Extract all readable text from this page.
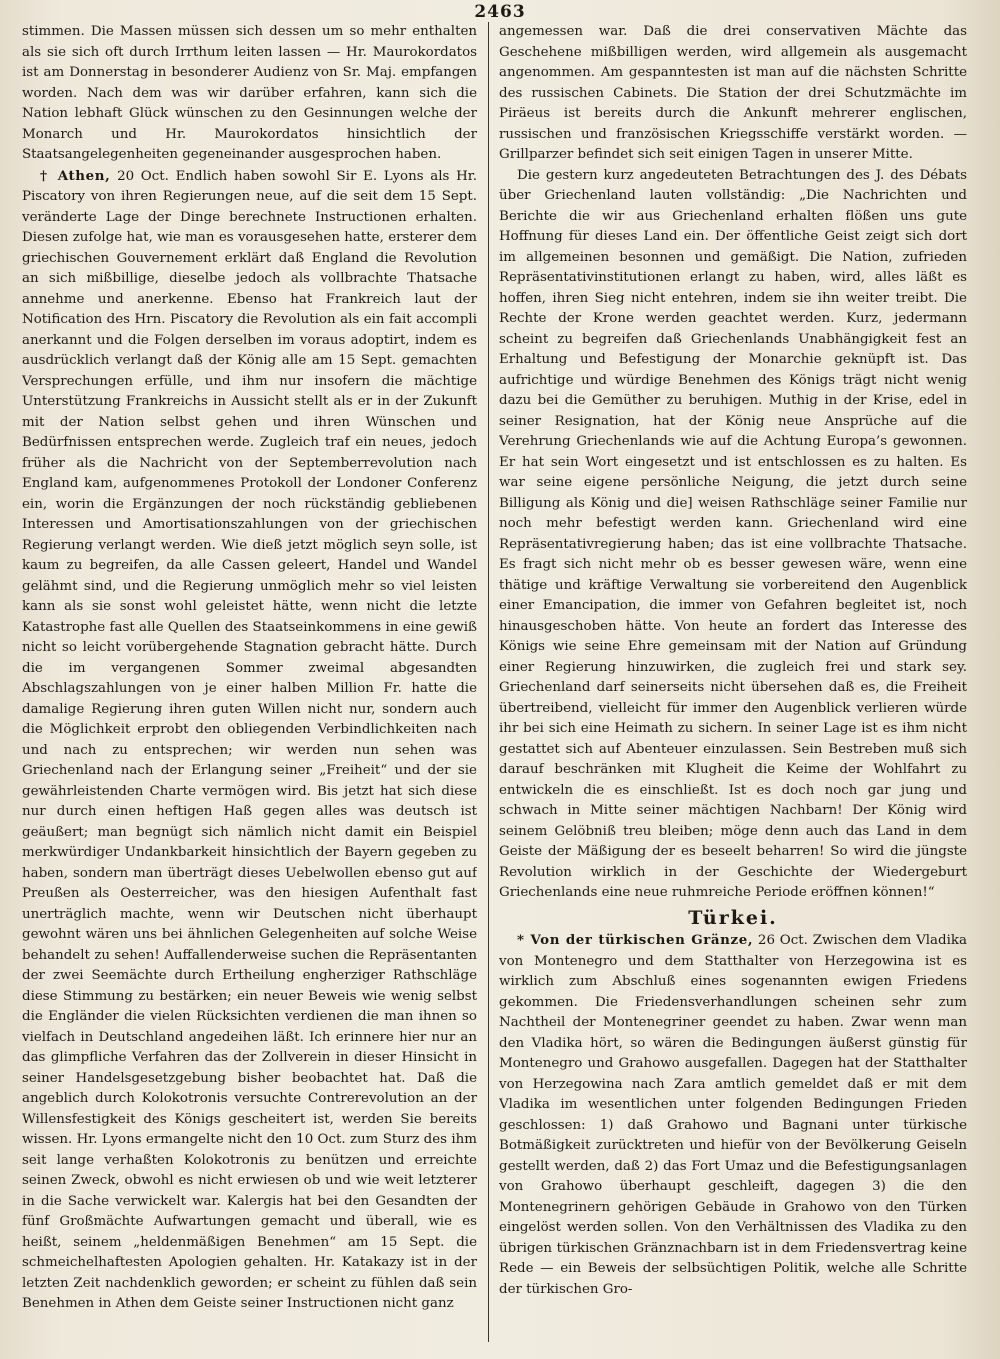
2463

stimmen. Die Massen müssen sich dessen um so mehr enthalten als sie sich oft durch Irrthum leiten lassen — Hr. Maurokordatos ist am Donnerstag in besonderer Audienz von Sr. Maj. empfangen worden. Nach dem was wir darüber erfahren, kann sich die Nation lebhaft Glück wünschen zu den Gesinnungen welche der Monarch und Hr. Maurokordatos hinsichtlich der Staatsangelegenheiten gegeneinander ausgesprochen haben.

† Athen, 20 Oct. Endlich haben sowohl Sir E. Lyons als Hr. Piscatory von ihren Regierungen neue, auf die seit dem 15 Sept. veränderte Lage der Dinge berechnete Instructionen erhalten. Diesen zufolge hat, wie man es vorausgesehen hatte, ersterer dem griechischen Gouvernement erklärt daß England die Revolution an sich mißbillige, dieselbe jedoch als vollbrachte Thatsache annehme und anerkenne. Ebenso hat Frankreich laut der Notification des Hrn. Piscatory die Revolution als ein fait accompli anerkannt und die Folgen derselben im voraus adoptirt, indem es ausdrücklich verlangt daß der König alle am 15 Sept. gemachten Versprechungen erfülle, und ihm nur insofern die mächtige Unterstützung Frankreichs in Aussicht stellt als er in der Zukunft mit der Nation selbst gehen und ihren Wünschen und Bedürfnissen entsprechen werde. Zugleich traf ein neues, jedoch früher als die Nachricht von der Septemberrevolution nach England kam, aufgenommenes Protokoll der Londoner Conferenz ein, worin die Ergänzungen der noch rückständig gebliebenen Interessen und Amortisationszahlungen von der griechischen Regierung verlangt werden. Wie dieß jetzt möglich seyn solle, ist kaum zu begreifen, da alle Cassen geleert, Handel und Wandel gelähmt sind, und die Regierung unmöglich mehr so viel leisten kann als sie sonst wohl geleistet hätte, wenn nicht die letzte Katastrophe fast alle Quellen des Staatseinkommens in eine gewiß nicht so leicht vorübergehende Stagnation gebracht hätte. Durch die im vergangenen Sommer zweimal abgesandten Abschlagszahlungen von je einer halben Million Fr. hatte die damalige Regierung ihren guten Willen nicht nur, sondern auch die Möglichkeit erprobt den obliegenden Verbindlichkeiten nach und nach zu entsprechen; wir werden nun sehen was Griechenland nach der Erlangung seiner „Freiheit“ und der sie gewährleistenden Charte vermögen wird. Bis jetzt hat sich diese nur durch einen heftigen Haß gegen alles was deutsch ist geäußert; man begnügt sich nämlich nicht damit ein Beispiel merkwürdiger Undankbarkeit hinsichtlich der Bayern gegeben zu haben, sondern man überträgt dieses Uebelwollen ebenso gut auf Preußen als Oesterreicher, was den hiesigen Aufenthalt fast unerträglich machte, wenn wir Deutschen nicht überhaupt gewohnt wären uns bei ähnlichen Gelegenheiten auf solche Weise behandelt zu sehen! Auffallenderweise suchen die Repräsentanten der zwei Seemächte durch Ertheilung engherziger Rathschläge diese Stimmung zu bestärken; ein neuer Beweis wie wenig selbst die Engländer die vielen Rücksichten verdienen die man ihnen so vielfach in Deutschland angedeihen läßt. Ich erinnere hier nur an das glimpfliche Verfahren das der Zollverein in dieser Hinsicht in seiner Handelsgesetzgebung bisher beobachtet hat. Daß die angeblich durch Kolokotronis versuchte Contrerevolution an der Willensfestigkeit des Königs gescheitert ist, werden Sie bereits wissen. Hr. Lyons ermangelte nicht den 10 Oct. zum Sturz des ihm seit lange verhaßten Kolokotronis zu benützen und erreichte seinen Zweck, obwohl es nicht erwiesen ob und wie weit letzterer in die Sache verwickelt war. Kalergis hat bei den Gesandten der fünf Großmächte Aufwartungen gemacht und überall, wie es heißt, seinem „heldenmäßigen Benehmen“ am 15 Sept. die schmeichelhaftesten Apologien gehalten. Hr. Katakazy ist in der letzten Zeit nachdenklich geworden; er scheint zu fühlen daß sein Benehmen in Athen dem Geiste seiner Instructionen nicht ganz

angemessen war. Daß die drei conservativen Mächte das Geschehene mißbilligen werden, wird allgemein als ausgemacht angenommen. Am gespanntesten ist man auf die nächsten Schritte des russischen Cabinets. Die Station der drei Schutzmächte im Piräeus ist bereits durch die Ankunft mehrerer englischen, russischen und französischen Kriegsschiffe verstärkt worden. — Grillparzer befindet sich seit einigen Tagen in unserer Mitte.

Die gestern kurz angedeuteten Betrachtungen des J. des Débats über Griechenland lauten vollständig: „Die Nachrichten und Berichte die wir aus Griechenland erhalten flößen uns gute Hoffnung für dieses Land ein. Der öffentliche Geist zeigt sich dort im allgemeinen besonnen und gemäßigt. Die Nation, zufrieden Repräsentativinstitutionen erlangt zu haben, wird, alles läßt es hoffen, ihren Sieg nicht entehren, indem sie ihn weiter treibt. Die Rechte der Krone werden geachtet werden. Kurz, jedermann scheint zu begreifen daß Griechenlands Unabhängigkeit fest an Erhaltung und Befestigung der Monarchie geknüpft ist. Das aufrichtige und würdige Benehmen des Königs trägt nicht wenig dazu bei die Gemüther zu beruhigen. Muthig in der Krise, edel in seiner Resignation, hat der König neue Ansprüche auf die Verehrung Griechenlands wie auf die Achtung Europa’s gewonnen. Er hat sein Wort eingesetzt und ist entschlossen es zu halten. Es war seine eigene persönliche Neigung, die jetzt durch seine Billigung als König und die] weisen Rathschläge seiner Familie nur noch mehr befestigt werden kann. Griechenland wird eine Repräsentativregierung haben; das ist eine vollbrachte Thatsache. Es fragt sich nicht mehr ob es besser gewesen wäre, wenn eine thätige und kräftige Verwaltung sie vorbereitend den Augenblick einer Emancipation, die immer von Gefahren begleitet ist, noch hinausgeschoben hätte. Von heute an fordert das Interesse des Königs wie seine Ehre gemeinsam mit der Nation auf Gründung einer Regierung hinzuwirken, die zugleich frei und stark sey. Griechenland darf seinerseits nicht übersehen daß es, die Freiheit übertreibend, vielleicht für immer den Augenblick verlieren würde ihr bei sich eine Heimath zu sichern. In seiner Lage ist es ihm nicht gestattet sich auf Abenteuer einzulassen. Sein Bestreben muß sich darauf beschränken mit Klugheit die Keime der Wohlfahrt zu entwickeln die es einschließt. Ist es doch noch gar jung und schwach in Mitte seiner mächtigen Nachbarn! Der König wird seinem Gelöbniß treu bleiben; möge denn auch das Land in dem Geiste der Mäßigung der es beseelt beharren! So wird die jüngste Revolution wirklich in der Geschichte der Wiedergeburt Griechenlands eine neue ruhmreiche Periode eröffnen können!“

Türkei.

* Von der türkischen Gränze, 26 Oct. Zwischen dem Vladika von Montenegro und dem Statthalter von Herzegowina ist es wirklich zum Abschluß eines sogenannten ewigen Friedens gekommen. Die Friedensverhandlungen scheinen sehr zum Nachtheil der Montenegriner geendet zu haben. Zwar wenn man den Vladika hört, so wären die Bedingungen äußerst günstig für Montenegro und Grahowo ausgefallen. Dagegen hat der Statthalter von Herzegowina nach Zara amtlich gemeldet daß er mit dem Vladika im wesentlichen unter folgenden Bedingungen Frieden geschlossen: 1) daß Grahowo und Bagnani unter türkische Botmäßigkeit zurücktreten und hiefür von der Bevölkerung Geiseln gestellt werden, daß 2) das Fort Umaz und die Befestigungsanlagen von Grahowo überhaupt geschleift, dagegen 3) die den Montenegrinern gehörigen Gebäude in Grahowo von den Türken eingelöst werden sollen. Von den Verhältnissen des Vladika zu den übrigen türkischen Gränznachbarn ist in dem Friedensvertrag keine Rede — ein Beweis der selbsüchtigen Politik, welche alle Schritte der türkischen Gro-
